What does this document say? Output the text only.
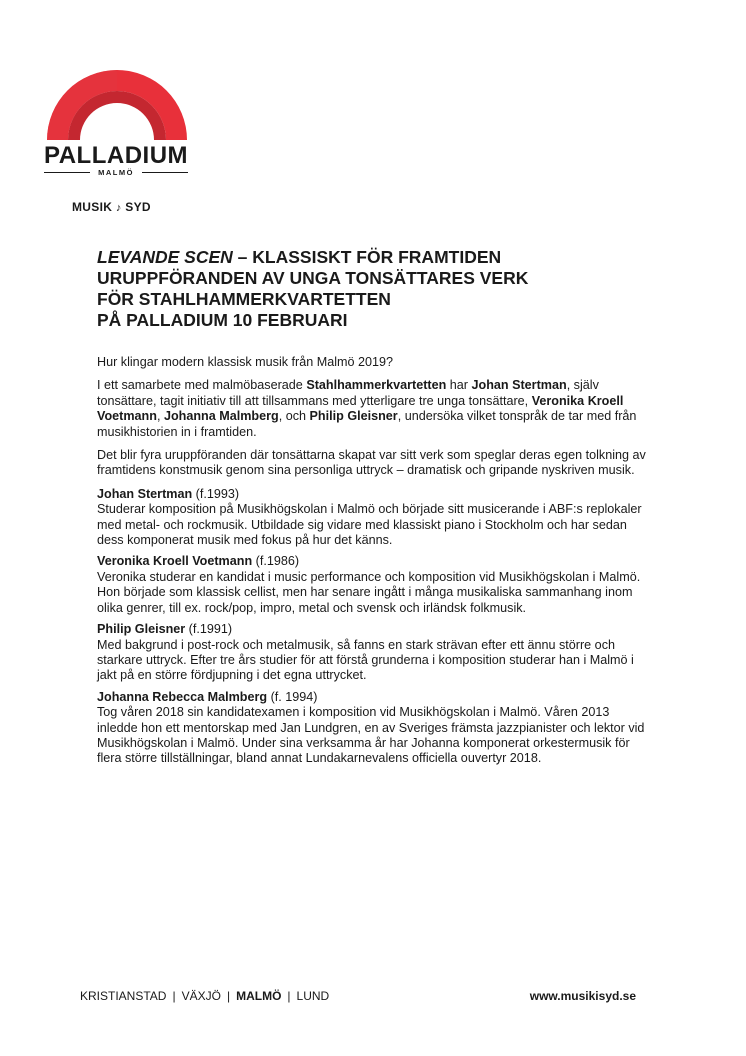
PALLADIUM
MALMÖ
MUSIK ♪ SYD
LEVANDE SCEN – KLASSISKT FÖR FRAMTIDEN
URUPPFÖRANDEN AV UNGA TONSÄTTARES VERK
FÖR STAHLHAMMERKVARTETTEN
PÅ PALLADIUM 10 FEBRUARI

Hur klingar modern klassisk musik från Malmö 2019?

I ett samarbete med malmöbaserade Stahlhammerkvartetten har Johan Stertman, själv tonsättare, tagit initiativ till att tillsammans med ytterligare tre unga tonsättare, Veronika Kroell Voetmann, Johanna Malmberg, och Philip Gleisner, undersöka vilket tonspråk de tar med från musikhistorien in i framtiden.

Det blir fyra uruppföranden där tonsättarna skapat var sitt verk som speglar deras egen tolkning av framtidens konstmusik genom sina personliga uttryck – dramatisk och gripande nyskriven musik.

Johan Stertman (f.1993)
Studerar komposition på Musikhögskolan i Malmö och började sitt musicerande i ABF:s replokaler med metal- och rockmusik. Utbildade sig vidare med klassiskt piano i Stockholm och har sedan dess komponerat musik med fokus på hur det känns.
Veronika Kroell Voetmann (f.1986)
Veronika studerar en kandidat i music performance och komposition vid Musikhögskolan i Malmö. Hon började som klassisk cellist, men har senare ingått i många musikaliska sammanhang inom olika genrer, till ex. rock/pop, impro, metal och svensk och irländsk folkmusik.
Philip Gleisner (f.1991)
Med bakgrund i post-rock och metalmusik, så fanns en stark strävan efter ett ännu större och starkare uttryck. Efter tre års studier för att förstå grunderna i komposition studerar han i Malmö i jakt på en större fördjupning i det egna uttrycket.
Johanna Rebecca Malmberg (f. 1994)
Tog våren 2018 sin kandidatexamen i komposition vid Musikhögskolan i Malmö. Våren 2013 inledde hon ett mentorskap med Jan Lundgren, en av Sveriges främsta jazzpianister och lektor vid Musikhögskolan i Malmö. Under sina verksamma år har Johanna komponerat orkestermusik för flera större tillställningar, bland annat Lundakarnevalens officiella ouvertyr 2018.
KRISTIANSTAD | VÄXJÖ | MALMÖ | LUND	www.musikisyd.se
